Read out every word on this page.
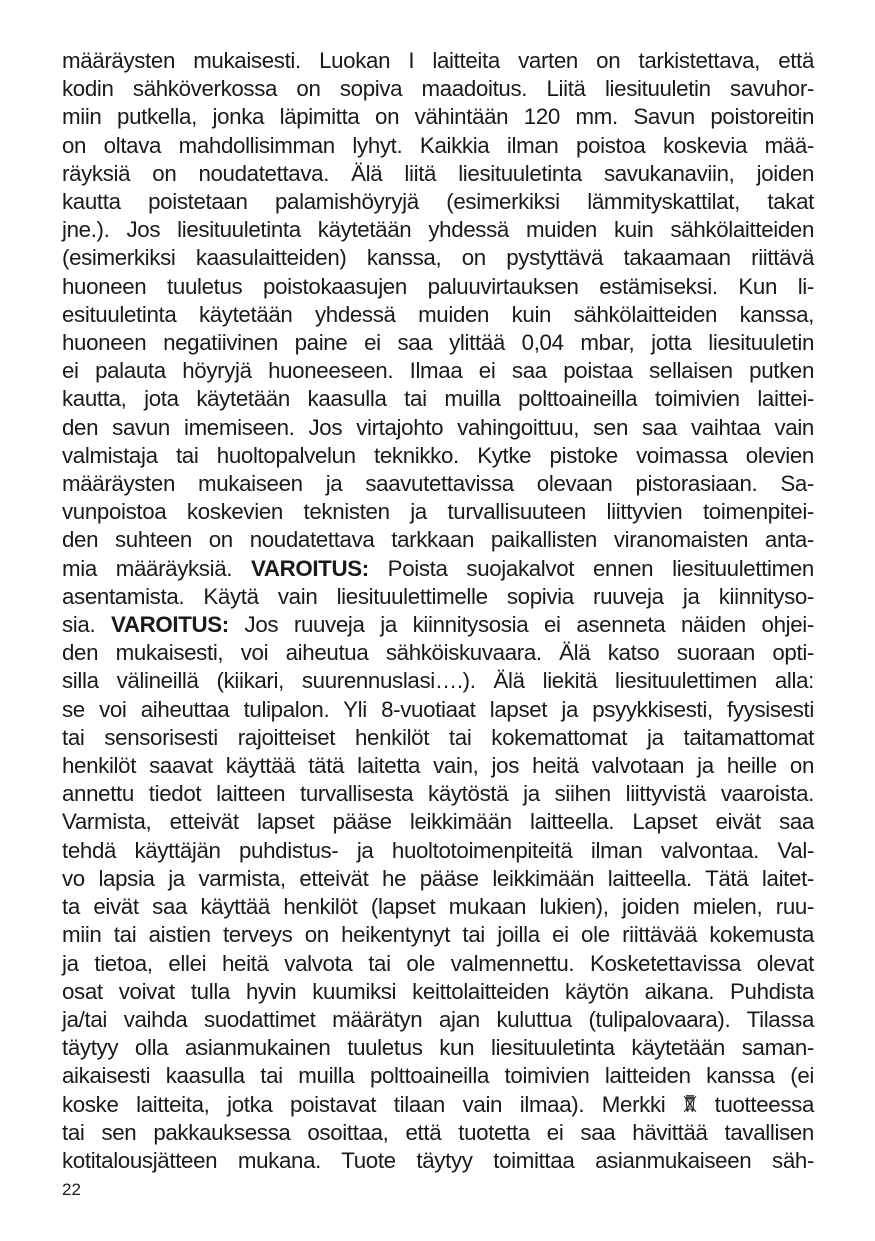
määräysten mukaisesti. Luokan I laitteita varten on tarkistettava, että
kodin sähköverkossa on sopiva maadoitus. Liitä liesituuletin savuhor-
miin putkella, jonka läpimitta on vähintään 120 mm. Savun poistoreitin
on oltava mahdollisimman lyhyt. Kaikkia ilman poistoa koskevia mää-
räyksiä on noudatettava. Älä liitä liesituuletinta savukanaviin, joiden
kautta poistetaan palamishöyryjä (esimerkiksi lämmityskattilat, takat
jne.). Jos liesituuletinta käytetään yhdessä muiden kuin sähkölaitteiden
(esimerkiksi kaasulaitteiden) kanssa, on pystyttävä takaamaan riittävä
huoneen tuuletus poistokaasujen paluuvirtauksen estämiseksi. Kun li-
esituuletinta käytetään yhdessä muiden kuin sähkölaitteiden kanssa,
huoneen negatiivinen paine ei saa ylittää 0,04 mbar, jotta liesituuletin
ei palauta höyryjä huoneeseen. Ilmaa ei saa poistaa sellaisen putken
kautta, jota käytetään kaasulla tai muilla polttoaineilla toimivien laittei-
den savun imemiseen. Jos virtajohto vahingoittuu, sen saa vaihtaa vain
valmistaja tai huoltopalvelun teknikko. Kytke pistoke voimassa olevien
määräysten mukaiseen ja saavutettavissa olevaan pistorasiaan. Sa-
vunpoistoa koskevien teknisten ja turvallisuuteen liittyvien toimenpitei-
den suhteen on noudatettava tarkkaan paikallisten viranomaisten anta-
mia määräyksiä. VAROITUS: Poista suojakalvot ennen liesituulettimen
asentamista. Käytä vain liesituulettimelle sopivia ruuveja ja kiinnityso-
sia. VAROITUS: Jos ruuveja ja kiinnitysosia ei asenneta näiden ohjei-
den mukaisesti, voi aiheutua sähköiskuvaara. Älä katso suoraan opti-
silla välineillä (kiikari, suurennuslasi….). Älä liekitä liesituulettimen alla:
se voi aiheuttaa tulipalon. Yli 8-vuotiaat lapset ja psyykkisesti, fyysisesti
tai sensorisesti rajoitteiset henkilöt tai kokemattomat ja taitamattomat
henkilöt saavat käyttää tätä laitetta vain, jos heitä valvotaan ja heille on
annettu tiedot laitteen turvallisesta käytöstä ja siihen liittyvistä vaaroista.
Varmista, etteivät lapset pääse leikkimään laitteella. Lapset eivät saa
tehdä käyttäjän puhdistus- ja huoltotoimenpiteitä ilman valvontaa. Val-
vo lapsia ja varmista, etteivät he pääse leikkimään laitteella. Tätä laitet-
ta eivät saa käyttää henkilöt (lapset mukaan lukien), joiden mielen, ruu-
miin tai aistien terveys on heikentynyt tai joilla ei ole riittävää kokemusta
ja tietoa, ellei heitä valvota tai ole valmennettu. Kosketettavissa olevat
osat voivat tulla hyvin kuumiksi keittolaitteiden käytön aikana. Puhdista
ja/tai vaihda suodattimet määrätyn ajan kuluttua (tulipalovaara). Tilassa
täytyy olla asianmukainen tuuletus kun liesituuletinta käytetään saman-
aikaisesti kaasulla tai muilla polttoaineilla toimivien laitteiden kanssa (ei
koske laitteita, jotka poistavat tilaan vain ilmaa). Merkki  tuotteessa
tai sen pakkauksessa osoittaa, että tuotetta ei saa hävittää tavallisen
kotitalousjätteen mukana. Tuote täytyy toimittaa asianmukaiseen säh-
22
